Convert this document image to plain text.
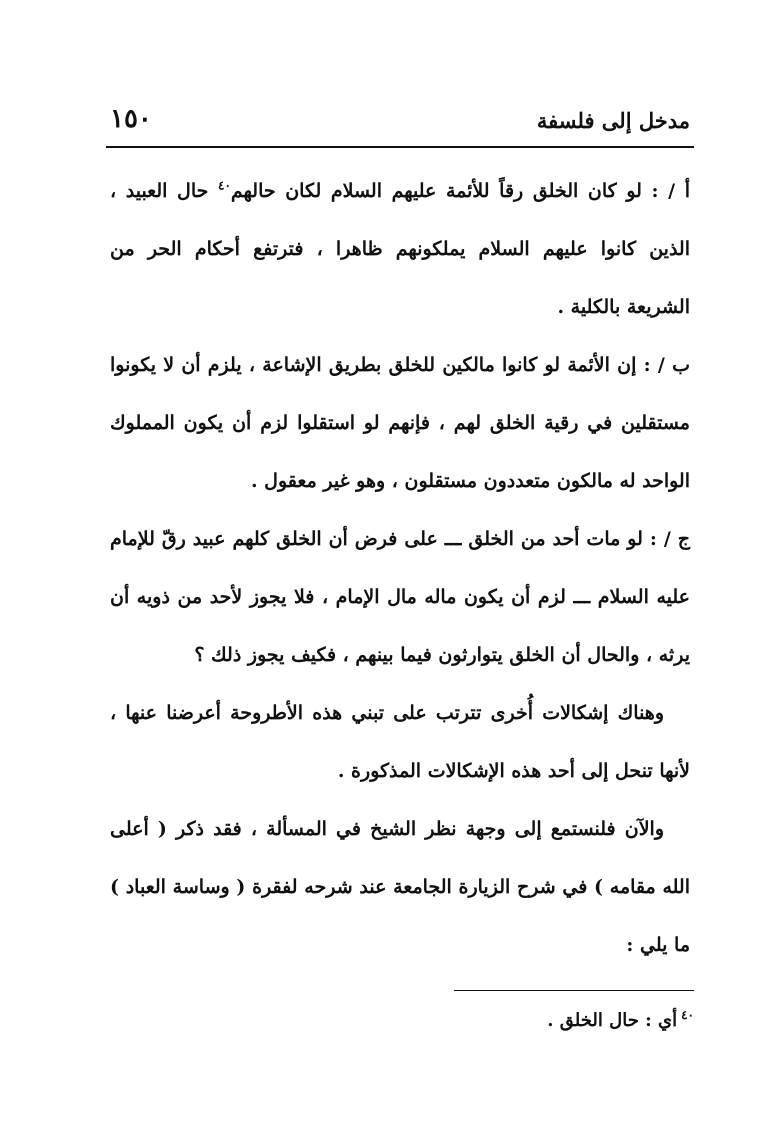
مدخل إلى فلسفة
١٥٠

أ / : لو كان الخلق رقاً للأئمة عليهم السلام لكان حالهم$^{٤٠}$ حال العبيد ، الذين كانوا عليهم السلام يملكونهم ظاهرا ، فترتفع أحكام الحر من الشريعة بالكلية .

ب / : إن الأئمة لو كانوا مالكين للخلق بطريق الإشاعة ، يلزم أن لا يكونوا مستقلين في رقية الخلق لهم ، فإنهم لو استقلوا لزم أن يكون المملوك الواحد له مالكون متعددون مستقلون ، وهو غير معقول .

ج / : لو مات أحد من الخلق ـــ على فرض أن الخلق كلهم عبيد رقّ للإمام عليه السلام ـــ لزم أن يكون ماله مال الإمام ، فلا يجوز لأحد من ذويه أن يرثه ، والحال أن الخلق يتوارثون فيما بينهم ، فكيف يجوز ذلك ؟

وهناك إشكالات أُخرى تترتب على تبني هذه الأطروحة أعرضنا عنها ، لأنها تنحل إلى أحد هذه الإشكالات المذكورة .

والآن فلنستمع إلى وجهة نظر الشيخ في المسألة ، فقد ذكر ( أعلى الله مقامه ) في شرح الزيارة الجامعة عند شرحه لفقرة ( وساسة العباد ) ما يلي :

$^{٤٠}$أي : حال الخلق .
